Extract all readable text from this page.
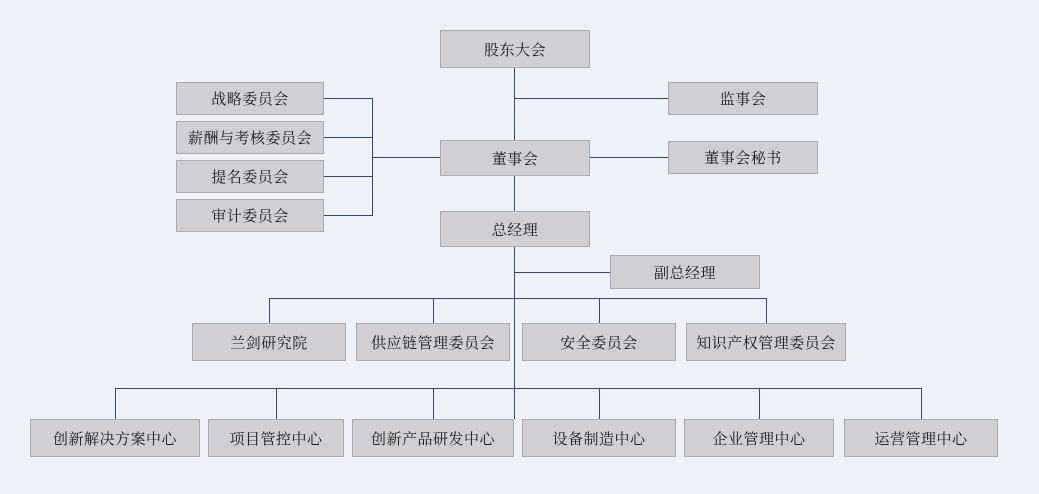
股东大会
监事会
战略委员会
薪酬与考核委员会
董事会	董事会秘书
提名委员会
审计委员会
总经理
副总经理
兰剑研究院	供应链管理委员会	安全委员会	知识产权管理委员会
创新解决方案中心	项目管控中心	创新产品研发中心	设备制造中心	企业管理中心	运营管理中心
